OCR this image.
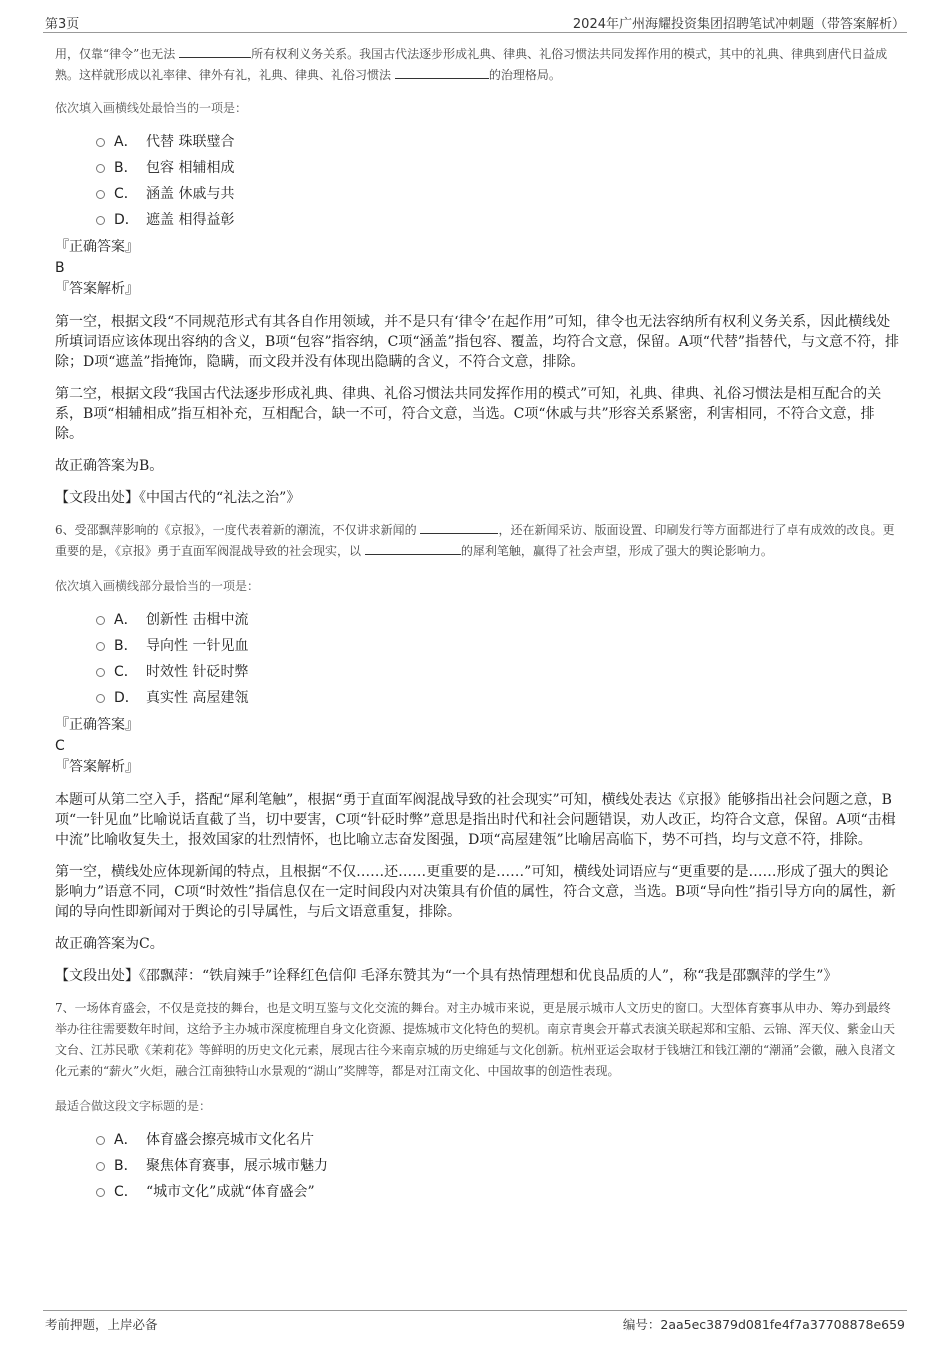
第3页	2024年广州海耀投资集团招聘笔试冲刺题（带答案解析）

用，仅靠“律令”也无法	所有权利义务关系。我国古代法逐步形成礼典、律典、礼俗习惯法共同发挥作用的模式，其中的礼典、律典到唐代日益成熟。这样就形成以礼率律、律外有礼，礼典、律典、礼俗习惯法	的治理格局。

依次填入画横线处最恰当的一项是：
A． 代替 珠联璧合
B． 包容 相辅相成
C． 涵盖 休戚与共
D． 遮盖 相得益彰
『正确答案』
B
『答案解析』

第一空，根据文段“不同规范形式有其各自作用领域，并不是只有‘律令’在起作用”可知，律令也无法容纳所有权利义务关系，因此横线处所填词语应该体现出容纳的含义，B项“包容”指容纳，C项“涵盖”指包容、覆盖，均符合文意，保留。A项“代替”指替代，与文意不符，排除；D项“遮盖”指掩饰，隐瞒，而文段并没有体现出隐瞒的含义，不符合文意，排除。

第二空，根据文段“我国古代法逐步形成礼典、律典、礼俗习惯法共同发挥作用的模式”可知，礼典、律典、礼俗习惯法是相互配合的关系，B项“相辅相成”指互相补充，互相配合，缺一不可，符合文意，当选。C项“休戚与共”形容关系紧密，利害相同，不符合文意，排除。

故正确答案为B。

【文段出处】《中国古代的“礼法之治”》

6、受邵飘萍影响的《京报》，一度代表着新的潮流，不仅讲求新闻的	，还在新闻采访、版面设置、印刷发行等方面都进行了卓有成效的改良。更重要的是，《京报》勇于直面军阀混战导致的社会现实，以	的犀利笔触，赢得了社会声望，形成了强大的舆论影响力。

依次填入画横线部分最恰当的一项是：
A． 创新性 击楫中流
B． 导向性 一针见血
C． 时效性 针砭时弊
D． 真实性 高屋建瓴
『正确答案』
C
『答案解析』

本题可从第二空入手，搭配“犀利笔触”，根据“勇于直面军阀混战导致的社会现实”可知，横线处表达《京报》能够指出社会问题之意，B项“一针见血”比喻说话直截了当，切中要害，C项“针砭时弊”意思是指出时代和社会问题错误，劝人改正，均符合文意，保留。A项“击楫中流”比喻收复失土，报效国家的壮烈情怀，也比喻立志奋发图强，D项“高屋建瓴”比喻居高临下，势不可挡，均与文意不符，排除。

第一空，横线处应体现新闻的特点，且根据“不仅……还……更重要的是……”可知，横线处词语应与“更重要的是……形成了强大的舆论影响力”语意不同，C项“时效性”指信息仅在一定时间段内对决策具有价值的属性，符合文意，当选。B项“导向性”指引导方向的属性，新闻的导向性即新闻对于舆论的引导属性，与后文语意重复，排除。

故正确答案为C。

【文段出处】《邵飘萍：“铁肩辣手”诠释红色信仰 毛泽东赞其为“一个具有热情理想和优良品质的人”，称“我是邵飘萍的学生”》

7、一场体育盛会，不仅是竞技的舞台，也是文明互鉴与文化交流的舞台。对主办城市来说，更是展示城市人文历史的窗口。大型体育赛事从申办、筹办到最终举办往往需要数年时间，这给予主办城市深度梳理自身文化资源、提炼城市文化特色的契机。南京青奥会开幕式表演关联起郑和宝船、云锦、浑天仪、紫金山天文台、江苏民歌《茉莉花》等鲜明的历史文化元素，展现古往今来南京城的历史绵延与文化创新。杭州亚运会取材于钱塘江和钱江潮的“潮涌”会徽，融入良渚文化元素的“薪火”火炬，融合江南独特山水景观的“湖山”奖牌等，都是对江南文化、中国故事的创造性表现。

最适合做这段文字标题的是：
A． 体育盛会擦亮城市文化名片
B． 聚焦体育赛事，展示城市魅力
C． “城市文化”成就“体育盛会”
考前押题，上岸必备	编号：2aa5ec3879d081fe4f7a37708878e659
